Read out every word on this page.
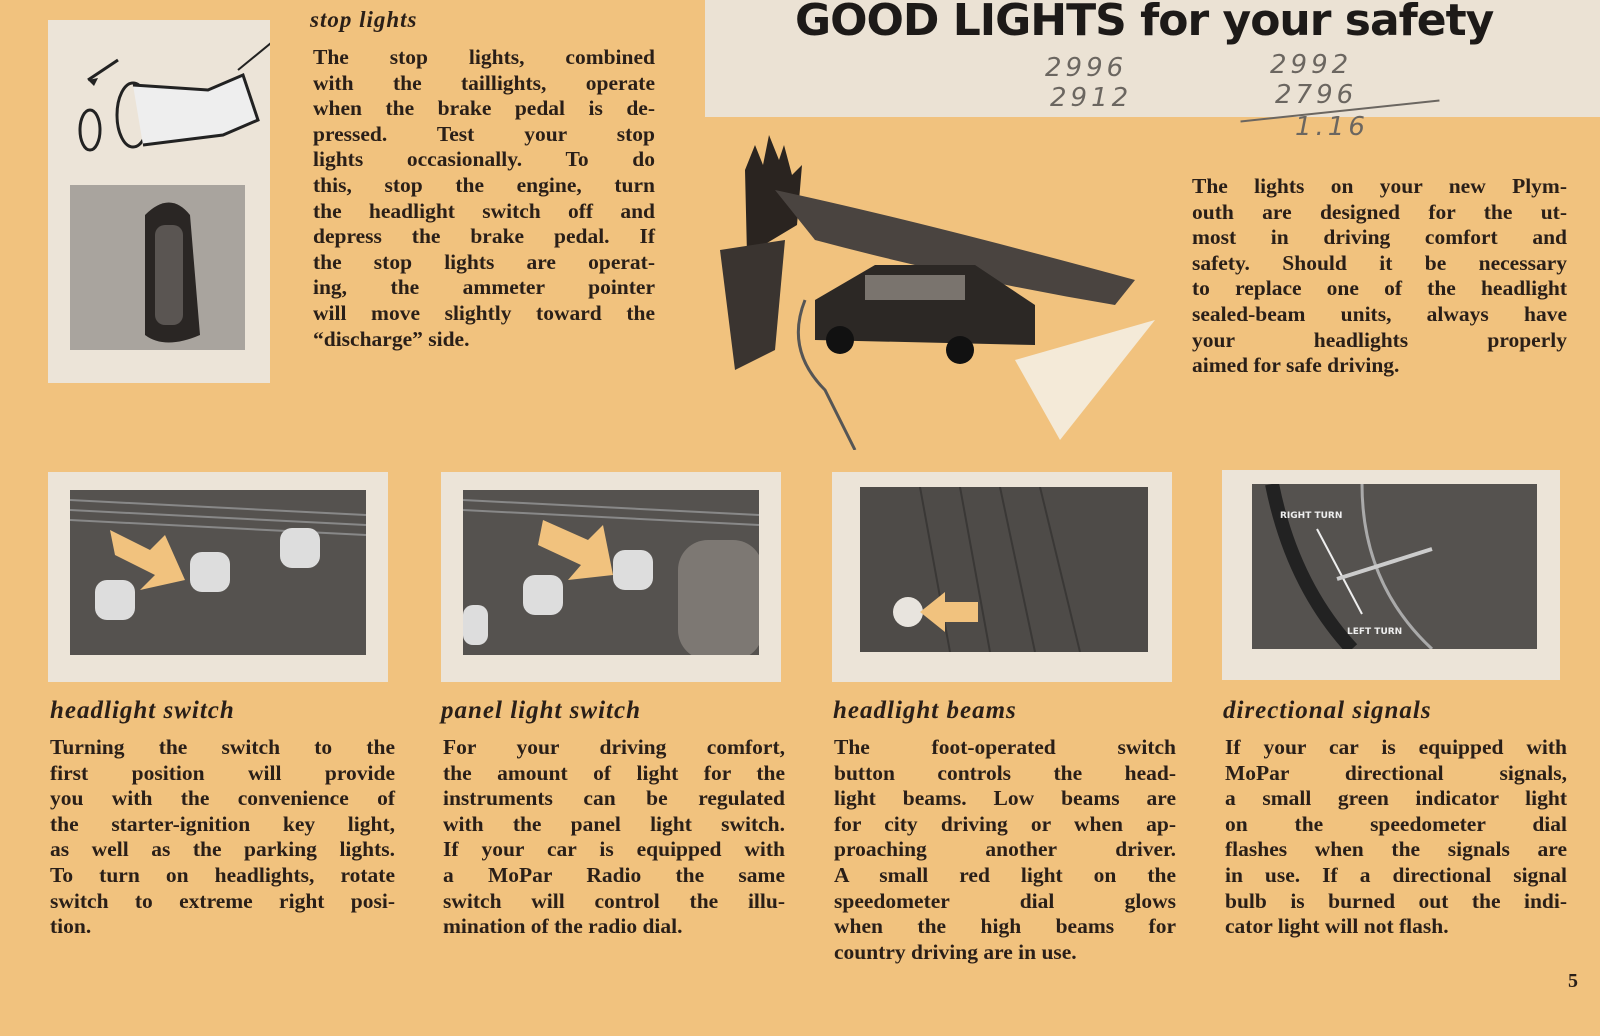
GOOD LIGHTS for your safety
2996
2912
2992
2796
1.16
stop lights
The stop lights, combined
with the taillights, operate
when the brake pedal is de-
pressed. Test your stop
lights occasionally. To do
this, stop the engine, turn
the headlight switch off and
depress the brake pedal. If
the stop lights are operat-
ing, the ammeter pointer
will move slightly toward the
“discharge” side.
The lights on your new Plym-
outh are designed for the ut-
most in driving comfort and
safety. Should it be necessary
to replace one of the headlight
sealed-beam units, always have
your headlights properly
aimed for safe driving.
RIGHT TURN
LEFT TURN
headlight switch
Turning the switch to the
first position will provide
you with the convenience of
the starter-ignition key light,
as well as the parking lights.
To turn on headlights, rotate
switch to extreme right posi-
tion.
panel light switch
For your driving comfort,
the amount of light for the
instruments can be regulated
with the panel light switch.
If your car is equipped with
a MoPar Radio the same
switch will control the illu-
mination of the radio dial.
headlight beams
The foot-operated switch
button controls the head-
light beams. Low beams are
for city driving or when ap-
proaching another driver.
A small red light on the
speedometer dial glows
when the high beams for
country driving are in use.
directional signals
If your car is equipped with
MoPar directional signals,
a small green indicator light
on the speedometer dial
flashes when the signals are
in use. If a directional signal
bulb is burned out the indi-
cator light will not flash.
5
